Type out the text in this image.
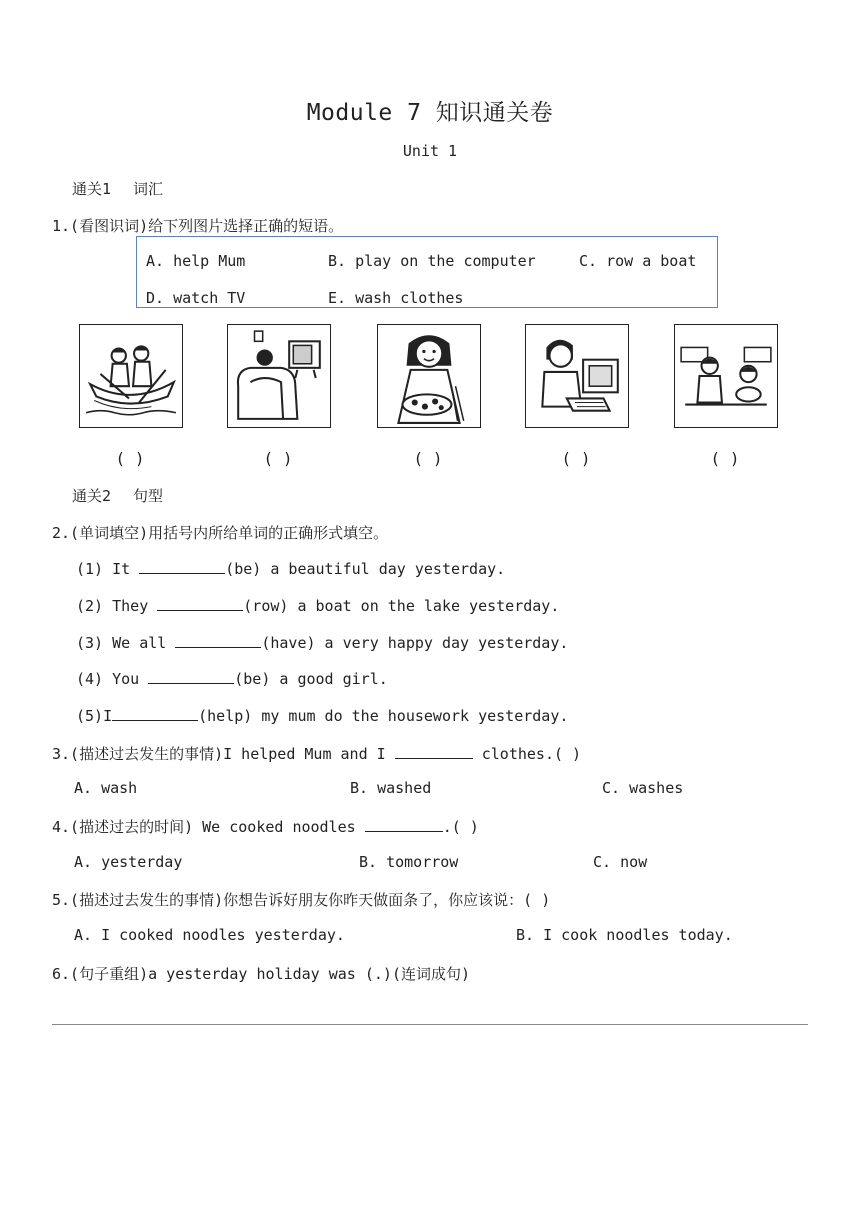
Module 7 知识通关卷
Unit 1
通关1 词汇
1.(看图识词)给下列图片选择正确的短语。
A. help Mum	B. play on the computer	C. row a boat
D. watch TV	E. wash clothes
( )	( )	( )	( )	( )
通关2 句型
2.(单词填空)用括号内所给单词的正确形式填空。
(1) It	(be) a beautiful day yesterday.
(2) They	(row) a boat on the lake yesterday.
(3) We all	(have) a very happy day yesterday.
(4) You	(be) a good girl.
(5)I	(help) my mum do the housework yesterday.
3.(描述过去发生的事情)I helped Mum and I	clothes.( )
A. wash	B. washed	C. washes
4.(描述过去的时间) We cooked noodles	.( )
A. yesterday	B. tomorrow	C. now
5.(描述过去发生的事情)你想告诉好朋友你昨天做面条了，你应该说：( )
A. I cooked noodles yesterday.	B. I cook noodles today.
6.(句子重组)a yesterday holiday was (.)(连词成句)
